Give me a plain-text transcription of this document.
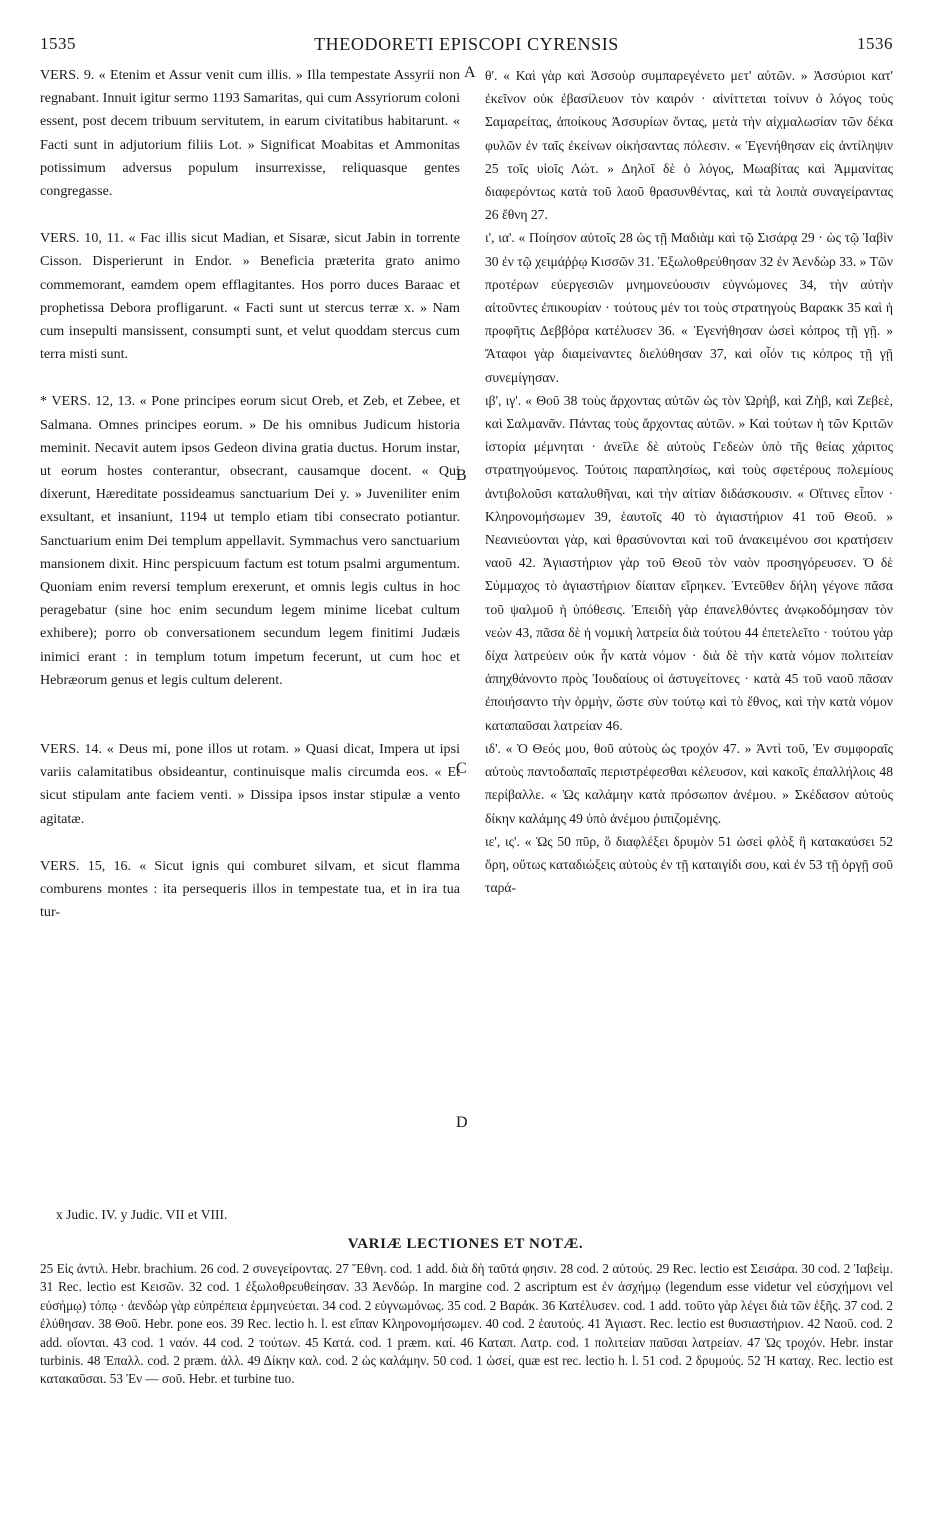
1535	THEODORETI EPISCOPI CYRENSIS	1536
A
B
C
D

VERS. 9. « Etenim et Assur venit cum illis. » Illa tempestate Assyrii non regnabant. Innuit igitur sermo 1193 Samaritas, qui cum Assyriorum coloni essent, post decem tribuum servitutem, in earum civitatibus habitarunt. « Facti sunt in adjutorium filiis Lot. » Significat Moabitas et Ammonitas potissimum adversus populum insurrexisse, reliquasque gentes congregasse.

VERS. 10, 11. « Fac illis sicut Madian, et Sisaræ, sicut Jabin in torrente Cisson. Disperierunt in Endor. » Beneficia præterita grato animo commemorant, eamdem opem efflagitantes. Hos porro duces Baraac et prophetissa Debora profligarunt. « Facti sunt ut stercus terræ x. » Nam cum insepulti mansissent, consumpti sunt, et velut quoddam stercus cum terra misti sunt.

* VERS. 12, 13. « Pone principes eorum sicut Oreb, et Zeb, et Zebee, et Salmana. Omnes principes eorum. » De his omnibus Judicum historia meminit. Necavit autem ipsos Gedeon divina gratia ductus. Horum instar, ut eorum hostes conterantur, obsecrant, causamque docent. « Qui dixerunt, Hæreditate possideamus sanctuarium Dei y. » Juveniliter enim exsultant, et insaniunt, 1194 ut templo etiam tibi consecrato potiantur. Sanctuarium enim Dei templum appellavit. Symmachus vero sanctuarium mansionem dixit. Hinc perspicuum factum est totum psalmi argumentum. Quoniam enim reversi templum erexerunt, et omnis legis cultus in hoc peragebatur (sine hoc enim secundum legem minime licebat cultum exhibere); porro ob conversationem secundum legem finitimi Judæis inimici erant : in templum totum impetum fecerunt, ut cum hoc et Hebræorum genus et legis cultum delerent.

VERS. 14. « Deus mi, pone illos ut rotam. » Quasi dicat, Impera ut ipsi variis calamitatibus obsideantur, continuisque malis circumda eos. « Et sicut stipulam ante faciem venti. » Dissipa ipsos instar stipulæ a vento agitatæ.

VERS. 15, 16. « Sicut ignis qui comburet silvam, et sicut flamma comburens montes : ita persequeris illos in tempestate tua, et in ira tua tur-

x Judic. IV. y Judic. VII et VIII.

θ'. « Καὶ γὰρ καὶ Ἀσσοὺρ συμπαρεγένετο μετ' αὐτῶν. » Ἀσσύριοι κατ' ἐκεῖνον οὐκ ἐβασίλευον τὸν καιρόν · αἰνίττεται τοίνυν ὁ λόγος τοὺς Σαμαρείτας, ἀποίκους Ἀσσυρίων ὄντας, μετὰ τὴν αἰχμαλωσίαν τῶν δέκα φυλῶν ἐν ταῖς ἐκείνων οἰκήσαντας πόλεσιν. « Ἐγενήθησαν εἰς ἀντίληψιν 25 τοῖς υἱοῖς Λώτ. » Δηλοῖ δὲ ὁ λόγος, Μωαβίτας καὶ Ἀμμανίτας διαφερόντως κατὰ τοῦ λαοῦ θρασυνθέντας, καὶ τὰ λοιπὰ συναγείραντας 26 ἔθνη 27.

ι', ια'. « Ποίησον αὐτοῖς 28 ὡς τῇ Μαδιὰμ καὶ τῷ Σισάρᾳ 29 · ὡς τῷ Ἰαβὶν 30 ἐν τῷ χειμάῤῥῳ Κισσῶν 31. Ἐξωλοθρεύθησαν 32 ἐν Ἀενδὼρ 33. » Τῶν προτέρων εὐεργεσιῶν μνημονεύουσιν εὐγνώμονες 34, τὴν αὐτὴν αἰτοῦντες ἐπικουρίαν · τούτους μέν τοι τοὺς στρατηγοὺς Βαρακκ 35 καὶ ἡ προφῆτις Δεββόρα κατέλυσεν 36. « Ἐγενήθησαν ὡσεὶ κόπρος τῇ γῇ. » Ἄταφοι γὰρ διαμείναντες διελύθησαν 37, καὶ οἷόν τις κόπρος τῇ γῇ συνεμίγησαν.

ιβ', ιγ'. « Θοῦ 38 τοὺς ἄρχοντας αὐτῶν ὡς τὸν Ὠρὴβ, καὶ Ζὴβ, καὶ Ζεβεὲ, καὶ Σαλμανᾶν. Πάντας τοὺς ἄρχοντας αὐτῶν. » Καὶ τούτων ἡ τῶν Κριτῶν ἱστορία μέμνηται · ἀνεῖλε δὲ αὐτοὺς Γεδεὼν ὑπὸ τῆς θείας χάριτος στρατηγούμενος. Τούτοις παραπλησίως, καὶ τοὺς σφετέρους πολεμίους ἀντιβολοῦσι καταλυθῆναι, καὶ τὴν αἰτίαν διδάσκουσιν. « Οἵτινες εἶπον · Κληρονομήσωμεν 39, ἑαυτοῖς 40 τὸ ἁγιαστήριον 41 τοῦ Θεοῦ. » Νεανιεύονται γὰρ, καὶ θρασύνονται καὶ τοῦ ἀνακειμένου σοι κρατήσειν ναοῦ 42. Ἁγιαστήριον γὰρ τοῦ Θεοῦ τὸν ναὸν προσηγόρευσεν. Ὁ δὲ Σύμμαχος τὸ ἁγιαστήριον δίαιταν εἴρηκεν. Ἐντεῦθεν δήλη γέγονε πᾶσα τοῦ ψαλμοῦ ἡ ὑπόθεσις. Ἐπειδὴ γὰρ ἐπανελθόντες ἀνῳκοδόμησαν τὸν νεὼν 43, πᾶσα δὲ ἡ νομικὴ λατρεία διὰ τούτου 44 ἐπετελεῖτο · τούτου γὰρ δίχα λατρεύειν οὐκ ἦν κατὰ νόμον · διὰ δὲ τὴν κατὰ νόμον πολιτείαν ἀπηχθάνοντο πρὸς Ἰουδαίους οἱ ἀστυγείτονες · κατὰ 45 τοῦ ναοῦ πᾶσαν ἐποιήσαντο τὴν ὁρμὴν, ὥστε σὺν τούτῳ καὶ τὸ ἔθνος, καὶ τὴν κατὰ νόμον καταπαῦσαι λατρείαν 46.

ιδ'. « Ὁ Θεός μου, θοῦ αὐτοὺς ὡς τροχόν 47. » Ἀντὶ τοῦ, Ἐν συμφοραῖς αὐτοὺς παντοδαπαῖς περιστρέφεσθαι κέλευσον, καὶ κακοῖς ἐπαλλήλοις 48 περίβαλλε. « Ὡς καλάμην κατὰ πρόσωπον ἀνέμου. » Σκέδασον αὐτοὺς δίκην καλάμης 49 ὑπὸ ἀνέμου ῥιπιζομένης.

ιε', ις'. « Ὡς 50 πῦρ, ὃ διαφλέξει δρυμὸν 51 ὡσεὶ φλὸξ ἣ κατακαύσει 52 ὄρη, οὕτως καταδιώξεις αὐτοὺς ἐν τῇ καταιγίδι σου, καὶ ἐν 53 τῇ ὀργῇ σοῦ ταρά-

VARIÆ LECTIONES ET NOTÆ.
25 Εἰς ἀντιλ. Hebr. brachium. 26 cod. 2 συνεγείροντας. 27 Ἔθνη. cod. 1 add. διὰ δὴ ταῦτά φησιν. 28 cod. 2 αὐτούς. 29 Rec. lectio est Σεισάρα. 30 cod. 2 Ἰαβεὶμ. 31 Rec. lectio est Κεισῶν. 32 cod. 1 ἐξωλοθρευθείησαν. 33 Ἀενδώρ. In margine cod. 2 ascriptum est ἐν ἀσχήμῳ (legendum esse videtur vel εὐσχήμονι vel εὐσήμῳ) τόπῳ · ἀενδὼρ γὰρ εὐπρέπεια ἑρμηνεύεται. 34 cod. 2 εὐγνωμόνως. 35 cod. 2 Βαράκ. 36 Κατέλυσεν. cod. 1 add. τοῦτο γὰρ λέγει διὰ τῶν ἑξῆς. 37 cod. 2 ἐλύθησαν. 38 Θοῦ. Hebr. pone eos. 39 Rec. lectio h. l. est εἴπαν Κληρονομήσωμεν. 40 cod. 2 ἑαυτούς. 41 Ἁγιαστ. Rec. lectio est θυσιαστήριον. 42 Ναοῦ. cod. 2 add. οἴονται. 43 cod. 1 ναόν. 44 cod. 2 τούτων. 45 Κατά. cod. 1 præm. καί. 46 Καταπ. Λατρ. cod. 1 πολιτείαν παῦσαι λατρείαν. 47 Ὡς τροχόν. Hebr. instar turbinis. 48 Ἐπαλλ. cod. 2 præm. ἀλλ. 49 Δίκην καλ. cod. 2 ὡς καλάμην. 50 cod. 1 ὡσεί, quæ est rec. lectio h. l. 51 cod. 2 δρυμούς. 52 Ἡ καταχ. Rec. lectio est κατακαῦσαι. 53 Ἐν — σοῦ. Hebr. et turbine tuo.
